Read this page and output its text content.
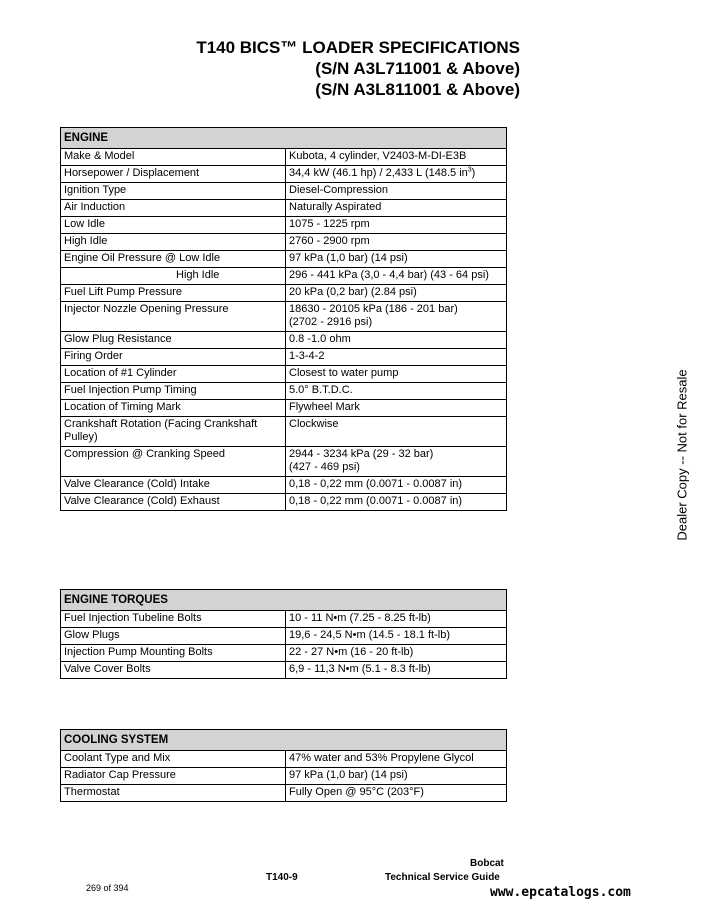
T140 BICS™ LOADER SPECIFICATIONS
(S/N A3L711001 & Above)
(S/N A3L811001 & Above)
ENGINE	
Make & Model	Kubota, 4 cylinder, V2403-M-DI-E3B
Horsepower / Displacement	34,4 kW (46.1 hp) / 2,433 L (148.5 $in^3$)
Ignition Type	Diesel-Compression
Air Induction	Naturally Aspirated
Low Idle	1075 - 1225 rpm
High Idle	2760 - 2900 rpm
Engine Oil Pressure @ Low Idle	97 kPa (1,0 bar) (14 psi)

High Idle	296 - 441 kPa (3,0 - 4,4 bar) (43 - 64 psi)
Fuel Lift Pump Pressure	20 kPa (0,2 bar) (2.84 psi)
Injector Nozzle Opening Pressure	18630 - 20105 kPa (186 - 201 bar)
(2702 - 2916 psi)

Glow Plug Resistance	0.8 -1.0 ohm
Firing Order	1-3-4-2
Location of #1 Cylinder	Closest to water pump
Fuel Injection Pump Timing	5.0° B.T.D.C.
Location of Timing Mark	Flywheel Mark
Crankshaft Rotation (Facing Crankshaft Pulley)	Clockwise
Compression @ Cranking Speed	2944 - 3234 kPa (29 - 32 bar)
(427 - 469 psi)

Valve Clearance (Cold) Intake	0,18 - 0,22 mm (0.0071 - 0.0087 in)
Valve Clearance (Cold) Exhaust	0,18 - 0,22 mm (0.0071 - 0.0087 in)
ENGINE TORQUES	
Fuel Injection Tubeline Bolts	10 - 11 N•m (7.25 - 8.25 ft-lb)
Glow Plugs	19,6 - 24,5 N•m (14.5 - 18.1 ft-lb)
Injection Pump Mounting Bolts	22 - 27 N•m (16 - 20 ft-lb)
Valve Cover Bolts	6,9 - 11,3 N•m (5.1 - 8.3 ft-lb)
COOLING SYSTEM	
Coolant Type and Mix	47% water and 53% Propylene Glycol
Radiator Cap Pressure	97 kPa (1,0 bar) (14 psi)
Thermostat	Fully Open @ 95°C (203°F)
Dealer Copy -- Not for Resale
Bobcat
T140-9	Technical Service Guide
269 of 394	www.epcatalogs.com
